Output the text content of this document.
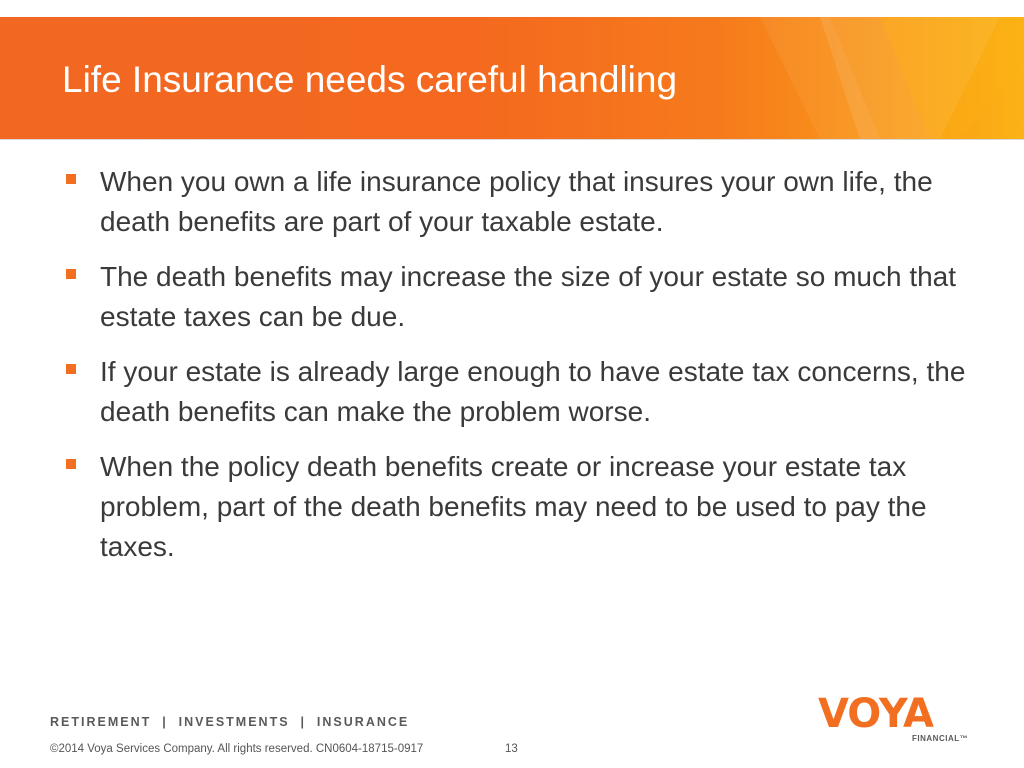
Life Insurance needs careful handling
When you own a life insurance policy that insures your own life, the death benefits are part of your taxable estate.
The death benefits may increase the size of your estate so much that estate taxes can be due.
If your estate is already large enough to have estate tax concerns, the death benefits can make the problem worse.
When the policy death benefits create or increase your estate tax problem, part of the death benefits may need to be used to pay the taxes.
RETIREMENT  |  INVESTMENTS  |  INSURANCE
©2014 Voya Services Company. All rights reserved. CN0604-18715-0917	13
VOYA
FINANCIAL™
